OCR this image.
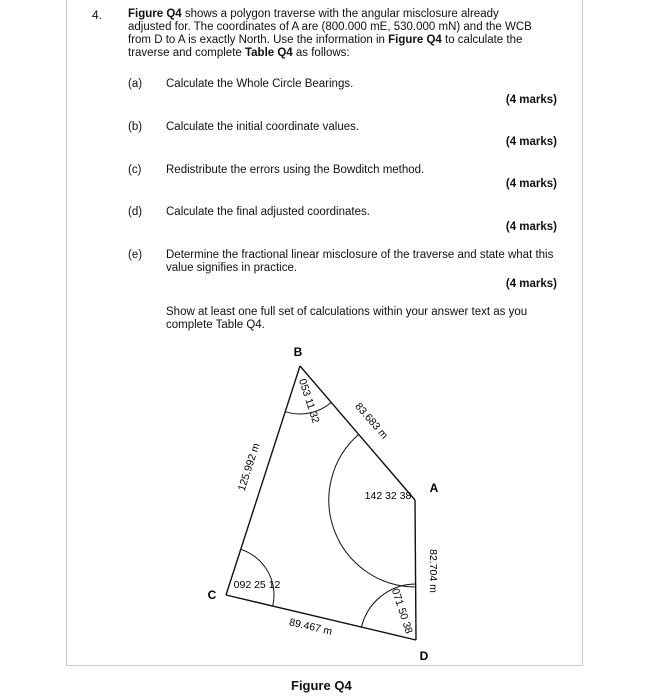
4. Figure Q4 shows a polygon traverse with the angular misclosure already adjusted for. The coordinates of A are (800.000 mE, 530.000 mN) and the WCB from D to A is exactly North. Use the information in Figure Q4 to calculate the traverse and complete Table Q4 as follows:
(a) Calculate the Whole Circle Bearings.
(4 marks)
(b) Calculate the initial coordinate values.
(4 marks)
(c) Redistribute the errors using the Bowditch method.
(4 marks)
(d) Calculate the final adjusted coordinates.
(4 marks)
(e) Determine the fractional linear misclosure of the traverse and state what this value signifies in practice.
(4 marks)
Show at least one full set of calculations within your answer text as you complete Table Q4.
B
A
C
D
83.683 m
125.992 m
89.467 m
82.704 m
053 11 32
142 32 38
092 25 12
071 50 38
Figure Q4
